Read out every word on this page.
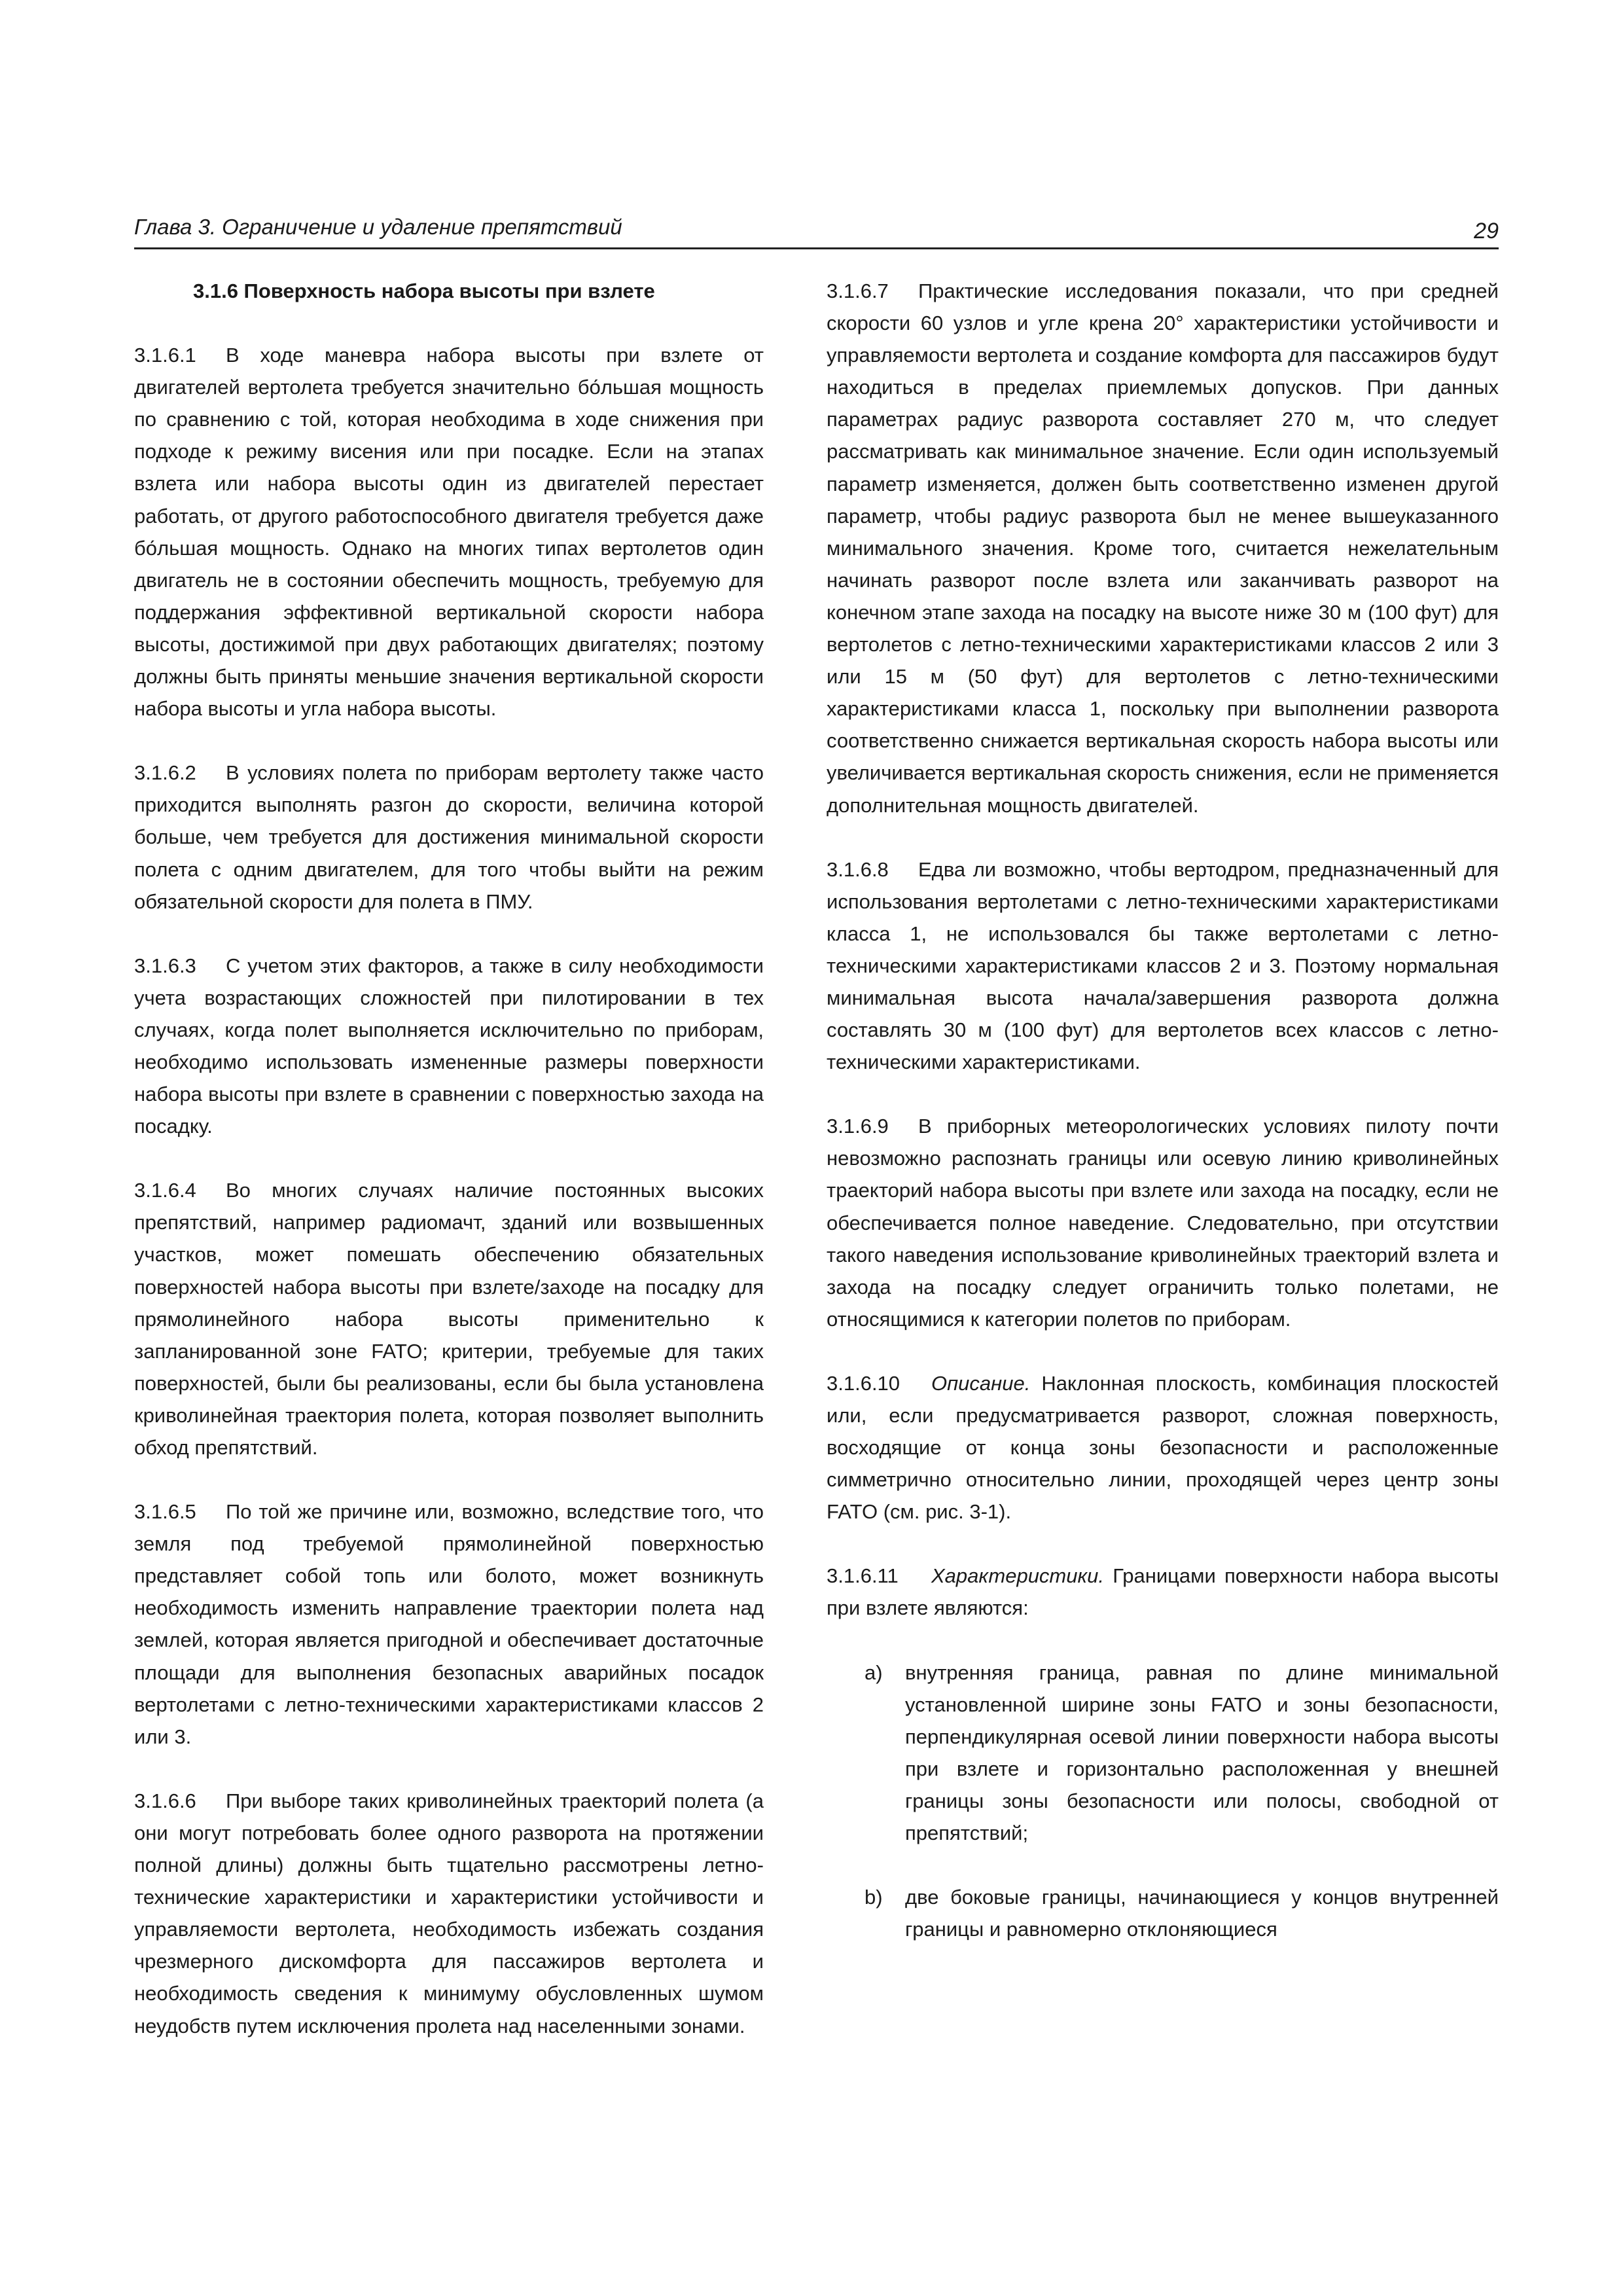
Глава 3. Ограничение и удаление препятствий	29
3.1.6 Поверхность набора высоты при взлете

3.1.6.1 В ходе маневра набора высоты при взлете от двигателей вертолета требуется значительно бо́льшая мощность по сравнению с той, которая необходима в ходе снижения при подходе к режиму висения или при посадке. Если на этапах взлета или набора высоты один из двигателей перестает работать, от другого работоспособного двигателя требуется даже бо́льшая мощность. Однако на многих типах вертолетов один двигатель не в состоянии обеспечить мощность, требуемую для поддержания эффективной вертикальной скорости набора высоты, достижимой при двух работающих двигателях; поэтому должны быть приняты меньшие значения вертикальной скорости набора высоты и угла набора высоты.

3.1.6.2 В условиях полета по приборам вертолету также часто приходится выполнять разгон до скорости, величина которой больше, чем требуется для достижения минимальной скорости полета с одним двигателем, для того чтобы выйти на режим обязательной скорости для полета в ПМУ.

3.1.6.3 С учетом этих факторов, а также в силу необходимости учета возрастающих сложностей при пилотировании в тех случаях, когда полет выполняется исключительно по приборам, необходимо использовать измененные размеры поверхности набора высоты при взлете в сравнении с поверхностью захода на посадку.

3.1.6.4 Во многих случаях наличие постоянных высоких препятствий, например радиомачт, зданий или возвышенных участков, может помешать обеспечению обязательных поверхностей набора высоты при взлете/заходе на посадку для прямолинейного набора высоты применительно к запланированной зоне FATO; критерии, требуемые для таких поверхностей, были бы реализованы, если бы была установлена криволинейная траектория полета, которая позволяет выполнить обход препятствий.

3.1.6.5 По той же причине или, возможно, вследствие того, что земля под требуемой прямолинейной поверхностью представляет собой топь или болото, может возникнуть необходимость изменить направление траектории полета над землей, которая является пригодной и обеспечивает достаточные площади для выполнения безопасных аварийных посадок вертолетами с летно-техническими характеристиками классов 2 или 3.

3.1.6.6 При выборе таких криволинейных траекторий полета (а они могут потребовать более одного разворота на протяжении полной длины) должны быть тщательно рассмотрены летно-технические характеристики и характеристики устойчивости и управляемости вертолета, необходимость избежать создания чрезмерного дискомфорта для пассажиров вертолета и необходимость сведения к минимуму обусловленных шумом неудобств путем исключения пролета над населенными зонами.

3.1.6.7 Практические исследования показали, что при средней скорости 60 узлов и угле крена 20° характеристики устойчивости и управляемости вертолета и создание комфорта для пассажиров будут находиться в пределах приемлемых допусков. При данных параметрах радиус разворота составляет 270 м, что следует рассматривать как минимальное значение. Если один используемый параметр изменяется, должен быть соответственно изменен другой параметр, чтобы радиус разворота был не менее вышеуказанного минимального значения. Кроме того, считается нежелательным начинать разворот после взлета или заканчивать разворот на конечном этапе захода на посадку на высоте ниже 30 м (100 фут) для вертолетов с летно-техническими характеристиками классов 2 или 3 или 15 м (50 фут) для вертолетов с летно-техническими характеристиками класса 1, поскольку при выполнении разворота соответственно снижается вертикальная скорость набора высоты или увеличивается вертикальная скорость снижения, если не применяется дополнительная мощность двигателей.

3.1.6.8 Едва ли возможно, чтобы вертодром, предназначенный для использования вертолетами с летно-техническими характеристиками класса 1, не использовался бы также вертолетами с летно-техническими характеристиками классов 2 и 3. Поэтому нормальная минимальная высота начала/завершения разворота должна составлять 30 м (100 фут) для вертолетов всех классов с летно-техническими характеристиками.

3.1.6.9 В приборных метеорологических условиях пилоту почти невозможно распознать границы или осевую линию криволинейных траекторий набора высоты при взлете или захода на посадку, если не обеспечивается полное наведение. Следовательно, при отсутствии такого наведения использование криволинейных траекторий взлета и захода на посадку следует ограничить только полетами, не относящимися к категории полетов по приборам.

3.1.6.10 Описание. Наклонная плоскость, комбинация плоскостей или, если предусматривается разворот, сложная поверхность, восходящие от конца зоны безопасности и расположенные симметрично относительно линии, проходящей через центр зоны FATO (см. рис. 3-1).

3.1.6.11 Характеристики. Границами поверхности набора высоты при взлете являются:

a) внутренняя граница, равная по длине минимальной установленной ширине зоны FATO и зоны безопасности, перпендикулярная осевой линии поверхности набора высоты при взлете и горизонтально расположенная у внешней границы зоны безопасности или полосы, свободной от препятствий;
b) две боковые границы, начинающиеся у концов внутренней границы и равномерно отклоняющиеся
